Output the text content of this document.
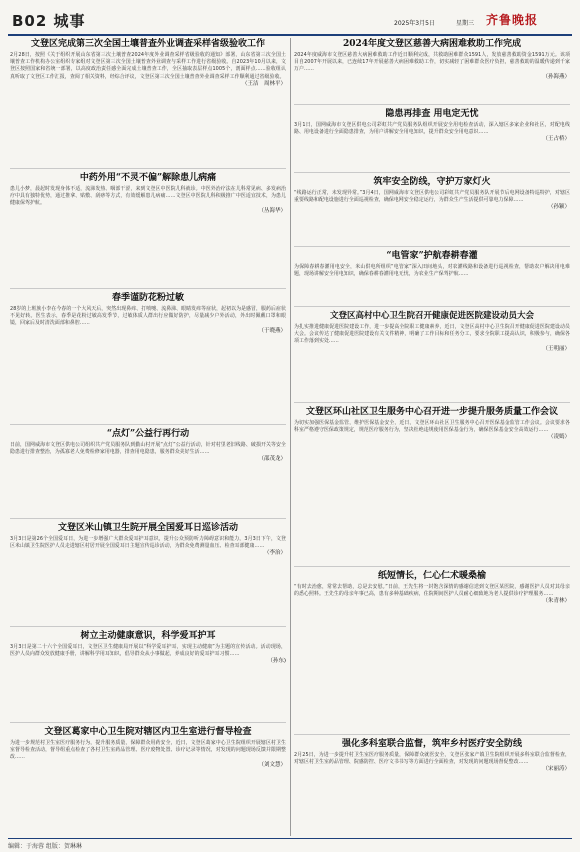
B02 城事	2025年3月5日	星期三 齐鲁晚报

文登区完成第三次全国土壤普查外业调查采样省级验收工作

2月28日，按照《关于组织开展山东省第三次土壤普查2024年度外业调查采样省级验收的通知》部署，山东省第三次全国土壤普查工作机构办公室组织专家组对文登区第三次全国土壤普查外业调查与采样工作进行省级验收。自2023年10月以来，文登区按照国家和省统一部署，以高度政治责任感全面完成土壤普查工作，全区抽取表层样点1005个，剖面样点……验收组认真听取了文登区工作汇报，查阅了相关资料，经综合评议，文登区第三次全国土壤普查外业调查采样工作顺利通过省级验收。
（王洁　周林平）

中药外用“不灵不偏”解除患儿病痛

患儿小梦，晨起时发现身体不适，流涕发热、咽部干涩，来到文登区中医院儿科就诊。中医外治疗法在儿科常见病、多发病治疗中具有独特优势，通过推拿、贴敷、刮痧等方式，有效缓解患儿病痛……文登区中医院儿科积极推广中医适宜技术，为患儿健康保驾护航。
（丛海华）

春季谨防花粉过敏

28岁的上班族小李在今春的一个大风天后，突然出现鼻痒、打喷嚏、流鼻涕、眼睛发痒等症状，起初以为是感冒，服药后症状不见好转。医生表示，春季是花粉过敏高发季节，过敏体质人群出行应做好防护，尽量减少户外活动，外出时佩戴口罩和眼镜，回家后及时清洗面部和鼻腔……
（于晓燕）

“点灯”公益行再行动

日前，国网威海市文登区供电公司组织共产党员服务队到勤山村开展“点灯”公益行活动，针对村里老旧线路、破损开关等安全隐患进行排查整治，为孤寡老人免费检修家用电器，排查用电隐患，服务群众美好生活……
（邵茂龙）

文登区米山镇卫生院开展全国爱耳日巡诊活动

3月3日是第26个全国爱耳日，为进一步增强广大群众爱耳护耳意识，提升公众预防听力障碍意识和能力，3月3日下午，文登区米山镇卫生院医护人员走进辖区村居开展全国爱耳日主题宣传巡诊活动，为群众免费测量血压、检查耳部健康……
（李治）

树立主动健康意识，科学爱耳护耳

3月3日是第二十六个全国爱耳日，文登区卫生健康局开展以“科学爱耳护耳，实现主动健康”为主题的宣传活动。活动现场，医护人员向群众发放健康手册，讲解科学用耳知识，倡导群众从小事做起，养成良好的爱耳护耳习惯……
（孙东)

文登区葛家中心卫生院对辖区内卫生室进行督导检查

为进一步规范村卫生室医疗服务行为，提升服务质量，保障群众用药安全，近日，文登区葛家中心卫生院组织开展辖区村卫生室督导检查活动，督导组重点检查了各村卫生室药品管理、医疗废物处置、诊疗记录等情况，对发现的问题现场反馈并限期整改……
（刘文慧）

2024年度文登区慈善大病困难救助工作完成

2024年度威海市文登区慈善大病困难救助工作近日顺利完成，共救助困难群众1591人，发放慈善救助资金1591万元。该项目自2007年开展以来，已连续17年开展慈善大病困难救助工作，切实减轻了困难群众医疗负担，慈善救助的温暖传递到千家万户……
（孙海燕）

隐患再排查 用电定无忧

3月1日，国网威海市文登区供电公司彩虹共产党员服务队组织开展安全用电检查活动，深入辖区多家企业和社区，对配电线路、用电设备进行全面隐患排查，为用户讲解安全用电知识，提升群众安全用电意识……
（王占桥）

筑牢安全防线，守护万家灯火

“线路运行正常，未发现异常。”3月4日，国网威海市文登区供电公司彩虹共产党员服务队开展节后电网设备特巡特护，对辖区重要线路和配电设施进行全面巡视检查，确保电网安全稳定运行，为群众生产生活提供可靠电力保障……
（孙颖）

“电管家”护航春耕春灌

为保障春耕春灌用电安全，米山供电所组织“电管家”深入田间地头，对农灌线路和设备进行巡视检查，帮助农户解决用电难题，现场讲解安全用电知识，确保春耕春灌用电无忧，为农业生产保驾护航……

文登区高村中心卫生院召开健康促进医院建设动员大会

为扎实推进健康促进医院建设工作，进一步提高全院职工健康素养，近日，文登区高村中心卫生院召开健康促进医院建设动员大会。会议传达了健康促进医院建设有关文件精神，明确了工作目标和任务分工，要求全院职工提高认识，积极参与，确保各项工作落到实处……
（王明丽）

文登区环山社区卫生服务中心召开进一步提升服务质量工作会议

为切实加强医保基金监管，维护医保基金安全，近日，文登区环山社区卫生服务中心召开医保基金监管工作会议。会议要求各科室严格遵守医保政策规定，规范医疗服务行为，坚决杜绝违规使用医保基金行为，确保医保基金安全高效运行……
（凌嫣）

纸短情长，仁心仁术暖桑榆

“有时去治愈，常常去帮助，总是去安慰。”日前，王先生将一封饱含深情的感谢信送到文登区某医院，感谢医护人员对其母亲的悉心照料。王先生的母亲年事已高，患有多种基础疾病，住院期间医护人员耐心细致地为老人提供诊疗护理服务……
（朱青林）

强化多科室联合监督，筑牢乡村医疗安全防线

2月25日，为进一步提升村卫生室医疗服务质量，保障群众就医安全，文登区张家产镇卫生院组织开展多科室联合监督检查，对辖区村卫生室药品管理、院感防控、医疗文书书写等方面进行全面检查，对发现的问题现场督促整改……
（宋丽涛）
编辑：于海蓉 组版：贺琳琳
